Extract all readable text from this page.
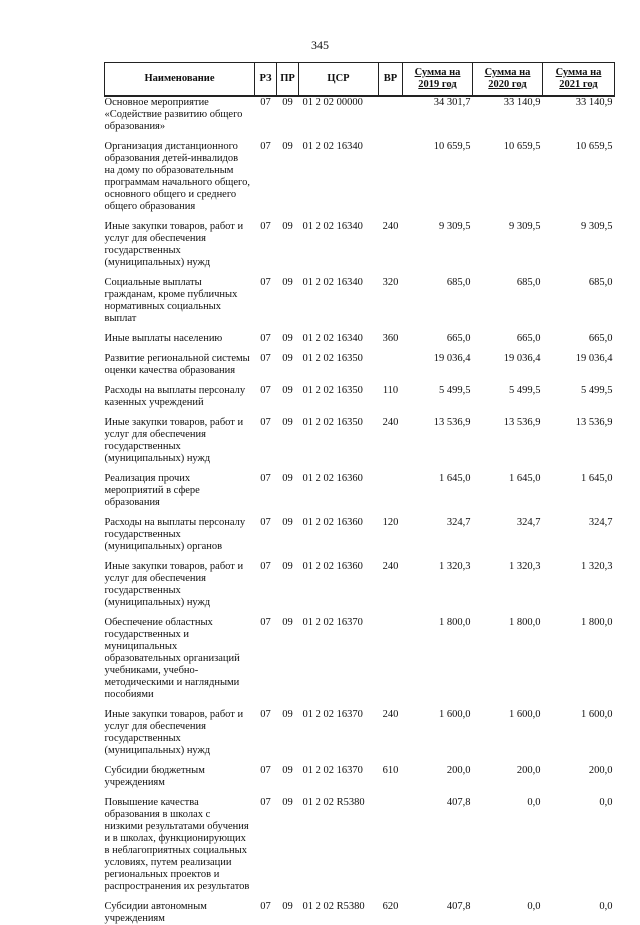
345
Наименование	РЗ	ПР	ЦСР	ВР	Сумма на 2019 год	Сумма на 2020 год	Сумма на 2021 год
Основное мероприятие «Содействие развитию общего образования»	07	09	01 2 02 00000		34 301,7	33 140,9	33 140,9

Организация дистанционного образования детей-инвалидов на дому по образовательным программам начального общего, основного общего и среднего общего образования	07	09	01 2 02 16340		10 659,5	10 659,5	10 659,5

Иные закупки товаров, работ и услуг для обеспечения государственных (муниципальных) нужд	07	09	01 2 02 16340	240	9 309,5	9 309,5	9 309,5

Социальные выплаты гражданам, кроме публичных нормативных социальных выплат	07	09	01 2 02 16340	320	685,0	685,0	685,0

Иные выплаты населению	07	09	01 2 02 16340	360	665,0	665,0	665,0

Развитие региональной системы оценки качества образования	07	09	01 2 02 16350		19 036,4	19 036,4	19 036,4

Расходы на выплаты персоналу казенных учреждений	07	09	01 2 02 16350	110	5 499,5	5 499,5	5 499,5

Иные закупки товаров, работ и услуг для обеспечения государственных (муниципальных) нужд	07	09	01 2 02 16350	240	13 536,9	13 536,9	13 536,9

Реализация прочих мероприятий в сфере образования	07	09	01 2 02 16360		1 645,0	1 645,0	1 645,0

Расходы на выплаты персоналу государственных (муниципальных) органов	07	09	01 2 02 16360	120	324,7	324,7	324,7

Иные закупки товаров, работ и услуг для обеспечения государственных (муниципальных) нужд	07	09	01 2 02 16360	240	1 320,3	1 320,3	1 320,3

Обеспечение областных государственных и муниципальных образовательных организаций учебниками, учебно-методическими и наглядными пособиями	07	09	01 2 02 16370		1 800,0	1 800,0	1 800,0

Иные закупки товаров, работ и услуг для обеспечения государственных (муниципальных) нужд	07	09	01 2 02 16370	240	1 600,0	1 600,0	1 600,0

Субсидии бюджетным учреждениям	07	09	01 2 02 16370	610	200,0	200,0	200,0

Повышение качества образования в школах с низкими результатами обучения и в школах, функционирующих в неблагоприятных социальных условиях, путем реализации региональных проектов и распространения их результатов	07	09	01 2 02 R5380		407,8	0,0	0,0

Субсидии автономным учреждениям	07	09	01 2 02 R5380	620	407,8	0,0	0,0
